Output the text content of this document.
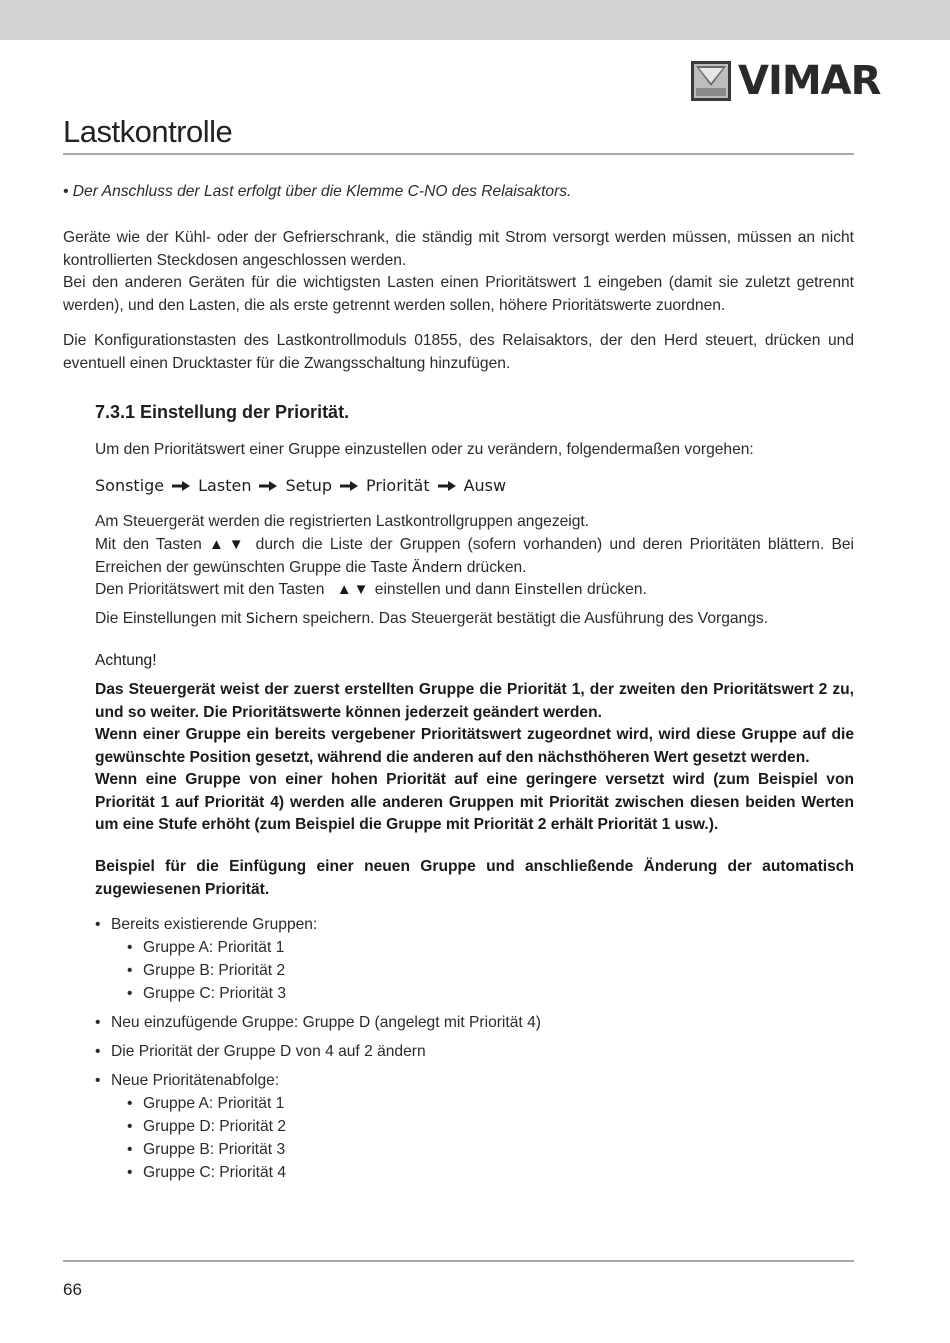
VIMAR
Lastkontrolle

• Der Anschluss der Last erfolgt über die Klemme C-NO des Relaisaktors.

Geräte wie der Kühl- oder der Gefrierschrank, die ständig mit Strom versorgt werden müssen, müssen an nicht kontrollierten Steckdosen angeschlossen werden.

Bei den anderen Geräten für die wichtigsten Lasten einen Prioritätswert 1 eingeben (damit sie zuletzt getrennt werden), und den Lasten, die als erste getrennt werden sollen, höhere Prioritätswerte zuordnen.

Die Konfigurationstasten des Lastkontrollmoduls 01855, des Relaisaktors, der den Herd steuert, drücken und eventuell einen Drucktaster für die Zwangsschaltung hinzufügen.

7.3.1 Einstellung der Priorität.

Um den Prioritätswert einer Gruppe einzustellen oder zu verändern, folgendermaßen vorgehen:

Sonstige Lasten Setup Priorität Ausw

Am Steuergerät werden die registrierten Lastkontrollgruppen angezeigt.

Mit den Tasten ▲▼ durch die Liste der Gruppen (sofern vorhanden) und deren Prioritäten blättern. Bei Erreichen der gewünschten Gruppe die Taste Ändern drücken.

Den Prioritätswert mit den Tasten ▲▼ einstellen und dann Einstellen drücken.

Die Einstellungen mit Sichern speichern. Das Steuergerät bestätigt die Ausführung des Vorgangs.

Achtung!

Das Steuergerät weist der zuerst erstellten Gruppe die Priorität 1, der zweiten den Prioritätswert 2 zu, und so weiter. Die Prioritätswerte können jederzeit geändert werden.

Wenn einer Gruppe ein bereits vergebener Prioritätswert zugeordnet wird, wird diese Gruppe auf die gewünschte Position gesetzt, während die anderen auf den nächsthöheren Wert gesetzt werden.

Wenn eine Gruppe von einer hohen Priorität auf eine geringere versetzt wird (zum Beispiel von Priorität 1 auf Priorität 4) werden alle anderen Gruppen mit Priorität zwischen diesen beiden Werten um eine Stufe erhöht (zum Beispiel die Gruppe mit Priorität 2 erhält Priorität 1 usw.).

Beispiel für die Einfügung einer neuen Gruppe und anschließende Änderung der automatisch zugewiesenen Priorität.

• Bereits existierende Gruppen:
• Gruppe A: Priorität 1
• Gruppe B: Priorität 2
• Gruppe C: Priorität 3
• Neu einzufügende Gruppe: Gruppe D (angelegt mit Priorität 4)
• Die Priorität der Gruppe D von 4 auf 2 ändern
• Neue Prioritätenabfolge:
• Gruppe A: Priorität 1
• Gruppe D: Priorität 2
• Gruppe B: Priorität 3
• Gruppe C: Priorität 4
66
